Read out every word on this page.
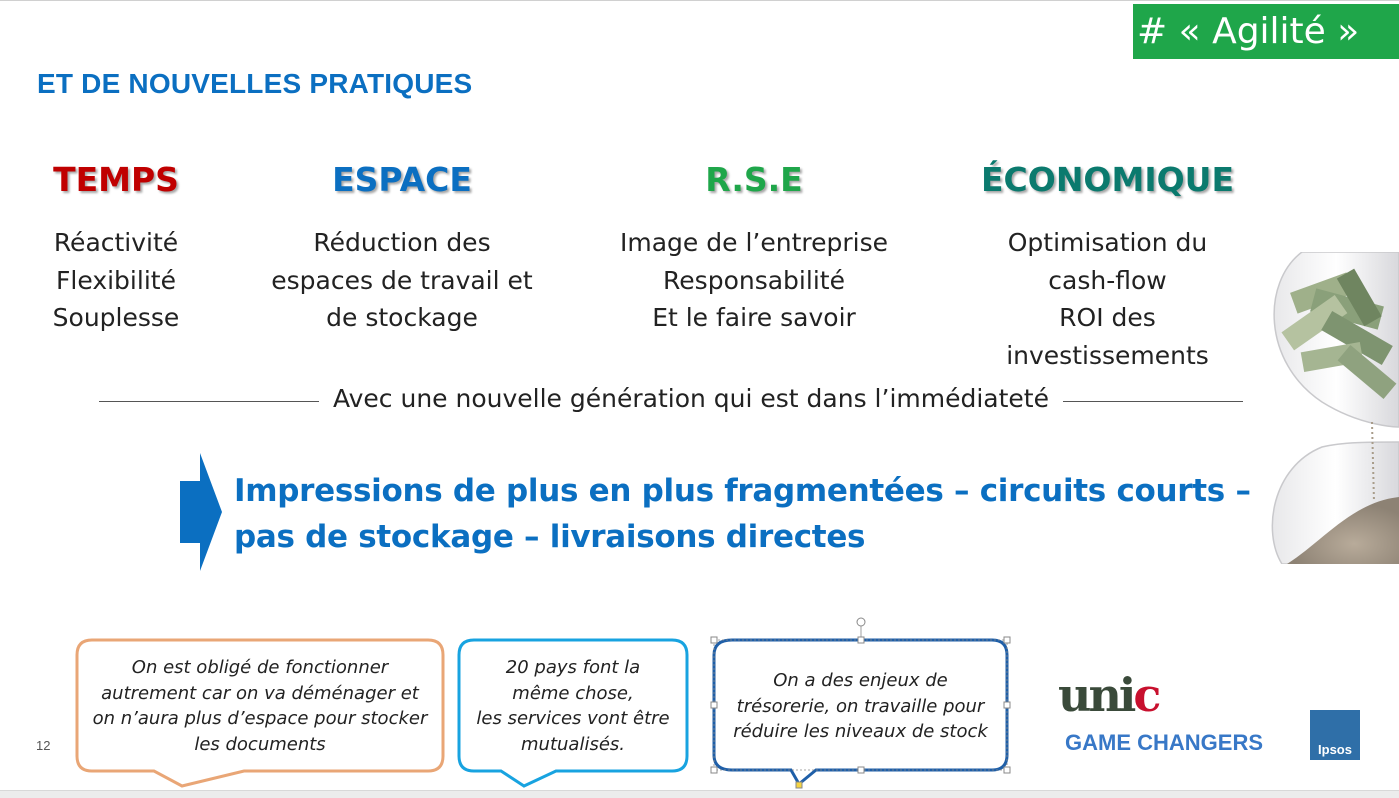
# « Agilité »
ET DE NOUVELLES PRATIQUES
TEMPS
Réactivité
Flexibilité
Souplesse
ESPACE
Réduction des
espaces de travail et
de stockage
R.S.E
Image de l’entreprise
Responsabilité
Et le faire savoir
ÉCONOMIQUE
Optimisation du
cash-flow
ROI des
investissements
Avec une nouvelle génération qui est dans l’immédiateté
Impressions de plus en plus fragmentées – circuits courts –
pas de stockage – livraisons directes
On est obligé de fonctionner
autrement car on va déménager et
on n’aura plus d’espace pour stocker
les documents
20 pays font la
même chose,
les services vont être
mutualisés.
On a des enjeux de
trésorerie, on travaille pour
réduire les niveaux de stock
12
unic
GAME CHANGERS	Ipsos
